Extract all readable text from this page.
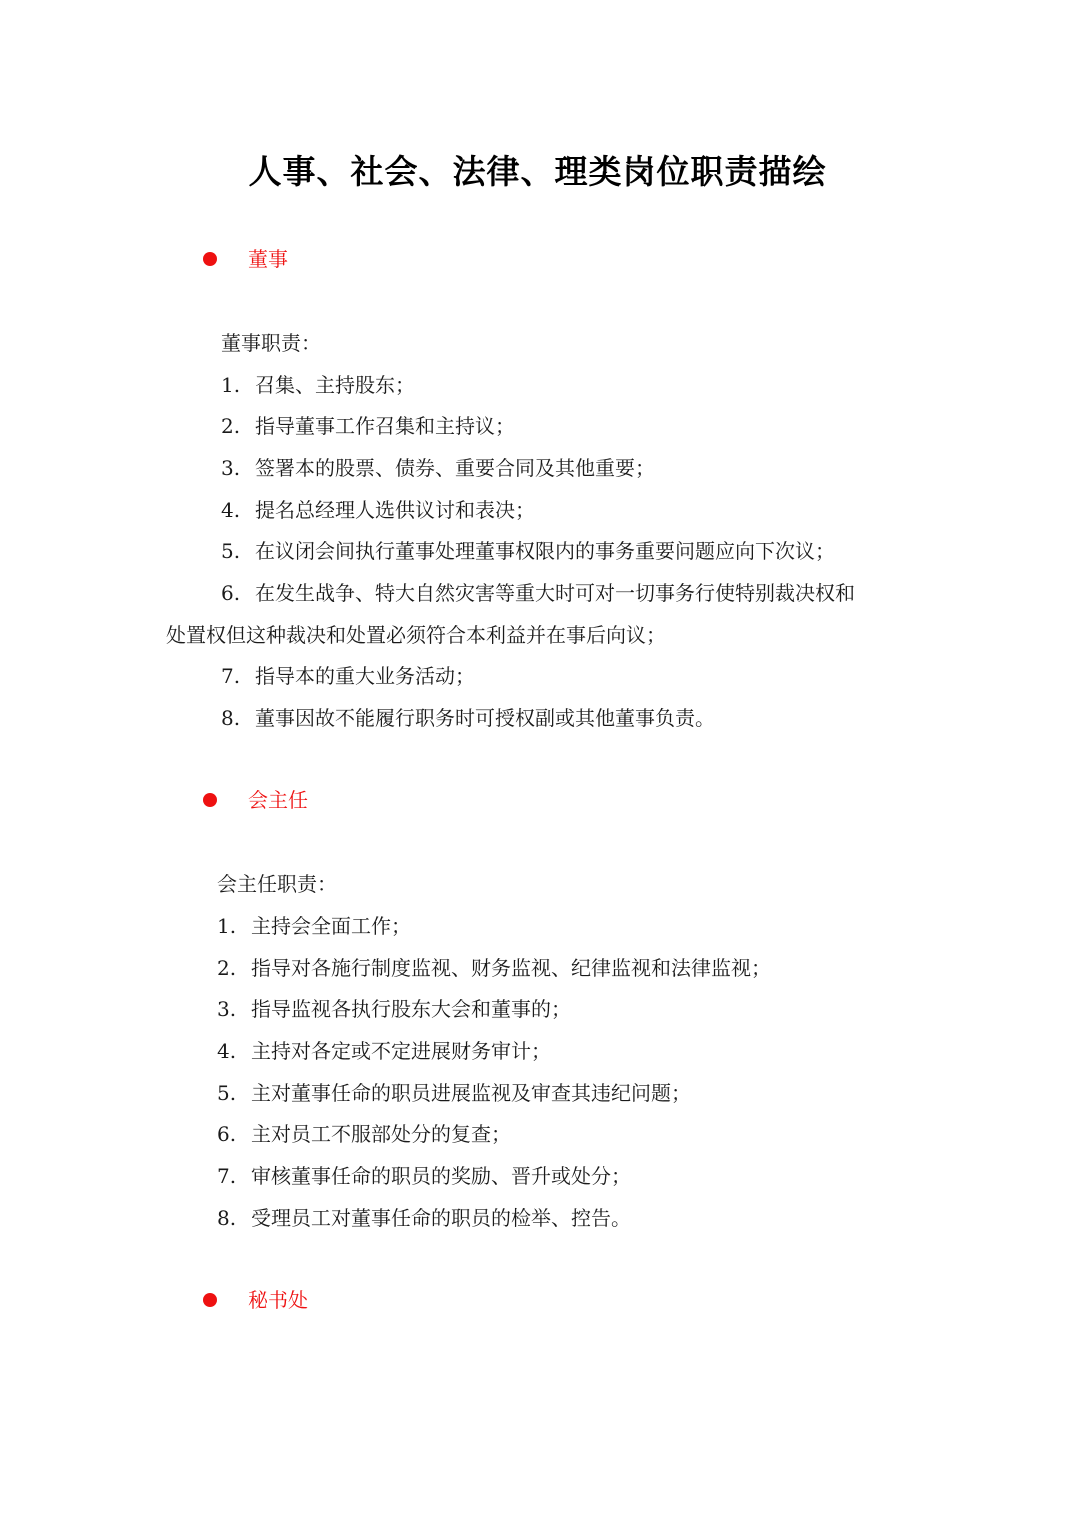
人事、社会、法律、理类岗位职责描绘
董事
董事职责：
1. 召集、主持股东；
2. 指导董事工作召集和主持议；
3. 签署本的股票、债券、重要合同及其他重要；
4. 提名总经理人选供议讨和表决；
5. 在议闭会间执行董事处理董事权限内的事务重要问题应向下次议；
6. 在发生战争、特大自然灾害等重大时可对一切事务行使特别裁决权和
处置权但这种裁决和处置必须符合本利益并在事后向议；
7. 指导本的重大业务活动；
8. 董事因故不能履行职务时可授权副或其他董事负责。
会主任
会主任职责：
1. 主持会全面工作；
2. 指导对各施行制度监视、财务监视、纪律监视和法律监视；
3. 指导监视各执行股东大会和董事的；
4. 主持对各定或不定进展财务审计；
5. 主对董事任命的职员进展监视及审查其违纪问题；
6. 主对员工不服部处分的复查；
7. 审核董事任命的职员的奖励、晋升或处分；
8. 受理员工对董事任命的职员的检举、控告。
秘书处
